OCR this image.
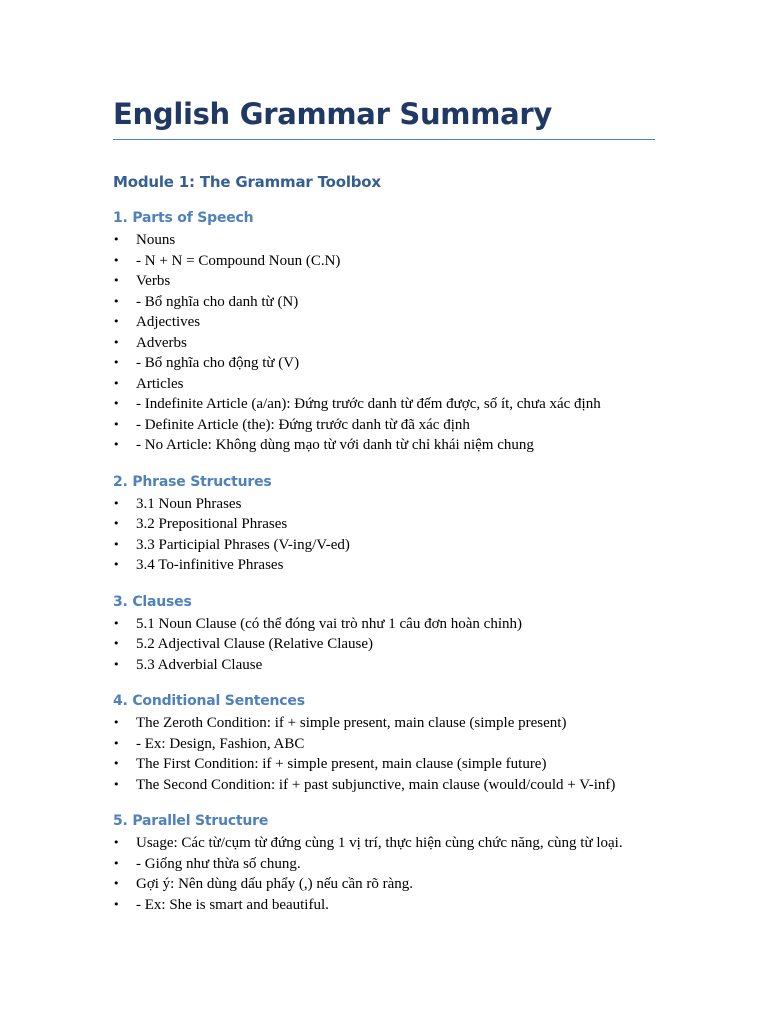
English Grammar Summary
Module 1: The Grammar Toolbox
1. Parts of Speech
• Nouns
• - N + N = Compound Noun (C.N)
• Verbs
• - Bổ nghĩa cho danh từ (N)
• Adjectives
• Adverbs
• - Bổ nghĩa cho động từ (V)
• Articles
• - Indefinite Article (a/an): Đứng trước danh từ đếm được, số ít, chưa xác định
• - Definite Article (the): Đứng trước danh từ đã xác định
• - No Article: Không dùng mạo từ với danh từ chỉ khái niệm chung
2. Phrase Structures
• 3.1 Noun Phrases
• 3.2 Prepositional Phrases
• 3.3 Participial Phrases (V-ing/V-ed)
• 3.4 To-infinitive Phrases
3. Clauses
• 5.1 Noun Clause (có thể đóng vai trò như 1 câu đơn hoàn chỉnh)
• 5.2 Adjectival Clause (Relative Clause)
• 5.3 Adverbial Clause
4. Conditional Sentences
• The Zeroth Condition: if + simple present, main clause (simple present)
• - Ex: Design, Fashion, ABC
• The First Condition: if + simple present, main clause (simple future)
• The Second Condition: if + past subjunctive, main clause (would/could + V-inf)
5. Parallel Structure
• Usage: Các từ/cụm từ đứng cùng 1 vị trí, thực hiện cùng chức năng, cùng từ loại.
• - Giống như thừa số chung.
• Gợi ý: Nên dùng dấu phẩy (,) nếu cần rõ ràng.
• - Ex: She is smart and beautiful.
